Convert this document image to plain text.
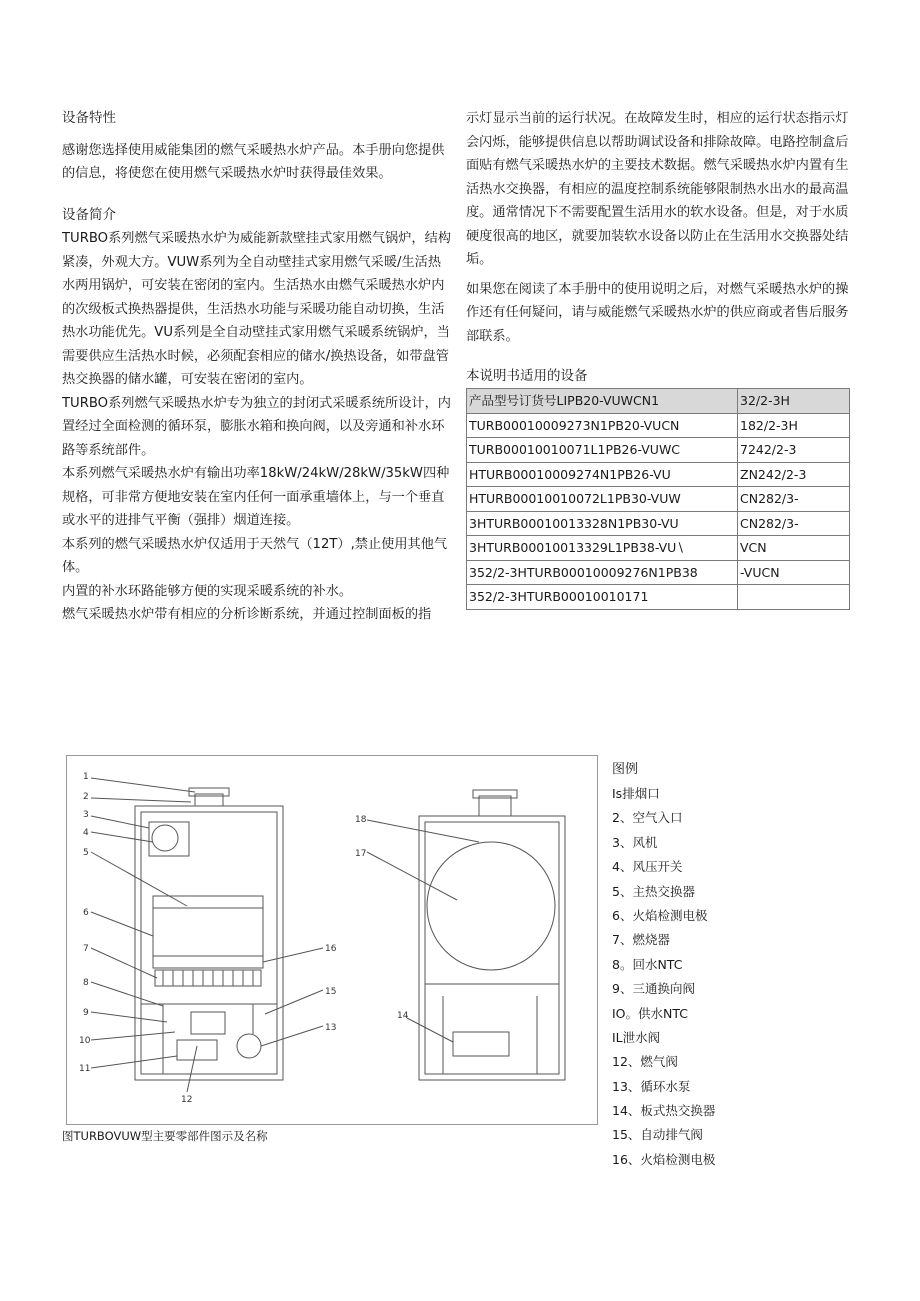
设备特性

感谢您选择使用威能集团的燃气采暖热水炉产品。本手册向您提供的信息，将使您在使用燃气采暖热水炉时获得最佳效果。

设备简介

TURBO系列燃气采暖热水炉为威能新款壁挂式家用燃气锅炉，结构紧凑，外观大方。VUW系列为全自动壁挂式家用燃气采暖/生活热水两用锅炉，可安装在密闭的室内。生活热水由燃气采暖热水炉内的次级板式换热器提供，生活热水功能与采暖功能自动切换，生活热水功能优先。VU系列是全自动壁挂式家用燃气采暖系统锅炉，当需要供应生活热水时候，必须配套相应的储水/换热设备，如带盘管热交换器的储水罐，可安装在密闭的室内。

TURBO系列燃气采暖热水炉专为独立的封闭式采暖系统所设计，内置经过全面检测的循环泵，膨胀水箱和换向阀，以及旁通和补水环路等系统部件。

本系列燃气采暖热水炉有输出功率18kW∕24kW∕28kW∕35kW四种规格，可非常方便地安装在室内任何一面承重墙体上，与一个垂直或水平的进排气平衡（强排）烟道连接。

本系列的燃气采暖热水炉仅适用于天然气（12T）,禁止使用其他气体。

内置的补水环路能够方便的实现采暖系统的补水。

燃气采暖热水炉带有相应的分析诊断系统，并通过控制面板的指

示灯显示当前的运行状况。在故障发生时，相应的运行状态指示灯会闪烁，能够提供信息以帮助调试设备和排除故障。电路控制盒后面贴有燃气采暖热水炉的主要技术数据。燃气采暖热水炉内置有生活热水交换器，有相应的温度控制系统能够限制热水出水的最高温度。通常情况下不需要配置生活用水的软水设备。但是，对于水质硬度很高的地区，就要加装软水设备以防止在生活用水交换器处结垢。

如果您在阅读了本手册中的使用说明之后，对燃气采暖热水炉的操作还有任何疑问，请与威能燃气采暖热水炉的供应商或者售后服务部联系。

本说明书适用的设备

产品型号订货号LIPB20-VUWCN1	32/2-3H
TURB00010009273N1PB20-VUCN	182/2-3H
TURB00010010071L1PB26-VUWC	7242/2-3
HTURB00010009274N1PB26-VU	ZN242/2-3
HTURB00010010072L1PB30-VUW	CN282/3-
3HTURB00010013328N1PB30-VU	CN282/3-
3HTURB00010013329L1PB38-VU∖	VCN
352/2-3HTURB00010009276N1PB38	-VUCN
352/2-3HTURB00010010171	
1
2
3
4
5
6
7
8
9
10
11
12
13
14
15
16
17
18
图TURBOVUW型主要零部件图示及名称

图例

Is排烟口
2、空气入口
3、风机
4、风压开关
5、主热交换器
6、火焰检测电极
7、燃烧器
8。回水NTC
9、三通换向阀
IO。供水NTC
IL泄水阀
12、燃气阀
13、循环水泵
14、板式热交换器
15、自动排气阀
16、火焰检测电极
